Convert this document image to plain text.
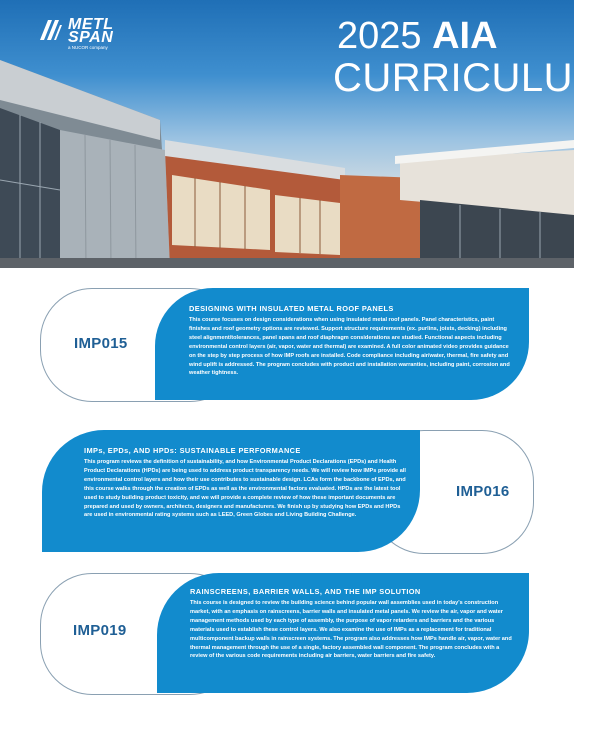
METL
SPAN
a NUCOR company	2025 AIA
CURRICULUM
DESIGNING WITH INSULATED METAL ROOF PANELS

This course focuses on design considerations when using insulated metal roof panels. Panel characteristics, paint finishes and roof geometry options are reviewed. Support structure requirements (ex. purlins, joists, decking) including steel alignment/tolerances, panel spans and roof diaphragm considerations are studied. Functional aspects including environmental control layers (air, vapor, water and thermal) are examined. A full color animated video provides guidance on the step by step process of how IMP roofs are installed. Code compliance including air/water, thermal, fire safety and wind uplift is addressed. The program concludes with product and installation warranties, including paint, corrosion and weather tightness.

IMP015
IMPs, EPDs, AND HPDs: SUSTAINABLE PERFORMANCE

This program reviews the definition of sustainability, and how Environmental Product Declarations (EPDs) and Health Product Declarations (HPDs) are being used to address product transparency needs. We will review how IMPs provide all environmental control layers and how their use contributes to sustainable design. LCAs form the backbone of EPDs, and this course walks through the creation of EPDs as well as the environmental factors evaluated. HPDs are the latest tool used to study building product toxicity, and we will provide a complete review of how these important documents are prepared and used by owners, architects, designers and manufacturers. We finish up by studying how EPDs and HPDs are used in environmental rating systems such as LEED, Green Globes and Living Building Challenge.

IMP016
RAINSCREENS, BARRIER WALLS, AND THE IMP SOLUTION

This course is designed to review the building science behind popular wall assemblies used in today's construction market, with an emphasis on rainscreens, barrier walls and insulated metal panels. We review the air, vapor and water management methods used by each type of assembly, the purpose of vapor retarders and barriers and the various materials used to establish these control layers. We also examine the use of IMPs as a replacement for traditional multicomponent backup walls in rainscreen systems. The program also addresses how IMPs handle air, vapor, water and thermal management through the use of a single, factory assembled wall component. The program concludes with a review of the various code requirements including air barriers, water barriers and fire safety.

IMP019
